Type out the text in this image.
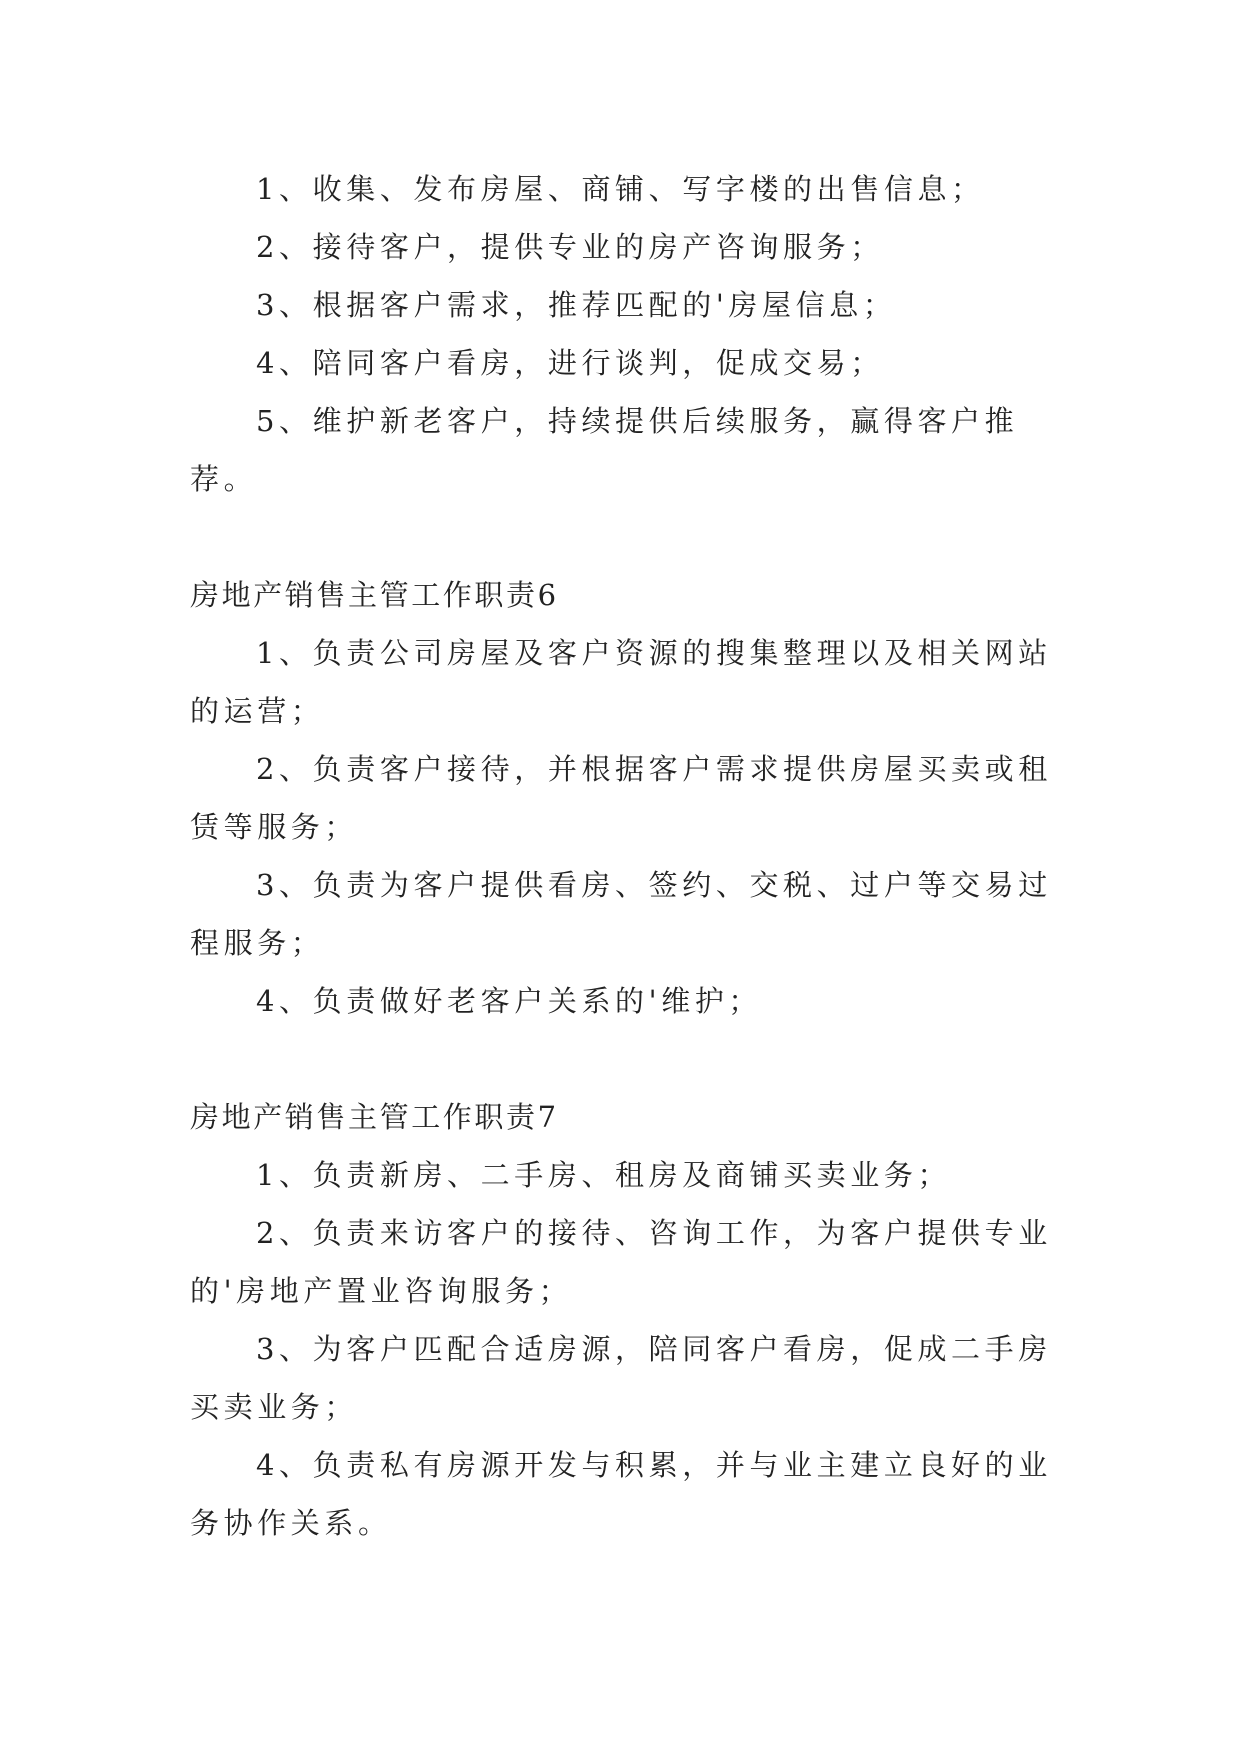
1、收集、发布房屋、商铺、写字楼的出售信息；

2、接待客户，提供专业的房产咨询服务；

3、根据客户需求，推荐匹配的'房屋信息；

4、陪同客户看房，进行谈判，促成交易；

5、维护新老客户，持续提供后续服务，赢得客户推荐。

房地产销售主管工作职责6

1、负责公司房屋及客户资源的搜集整理以及相关网站的运营；

2、负责客户接待，并根据客户需求提供房屋买卖或租赁等服务；

3、负责为客户提供看房、签约、交税、过户等交易过程服务；

4、负责做好老客户关系的'维护；

房地产销售主管工作职责7

1、负责新房、二手房、租房及商铺买卖业务；

2、负责来访客户的接待、咨询工作，为客户提供专业的'房地产置业咨询服务；

3、为客户匹配合适房源，陪同客户看房，促成二手房买卖业务；

4、负责私有房源开发与积累，并与业主建立良好的业务协作关系。
